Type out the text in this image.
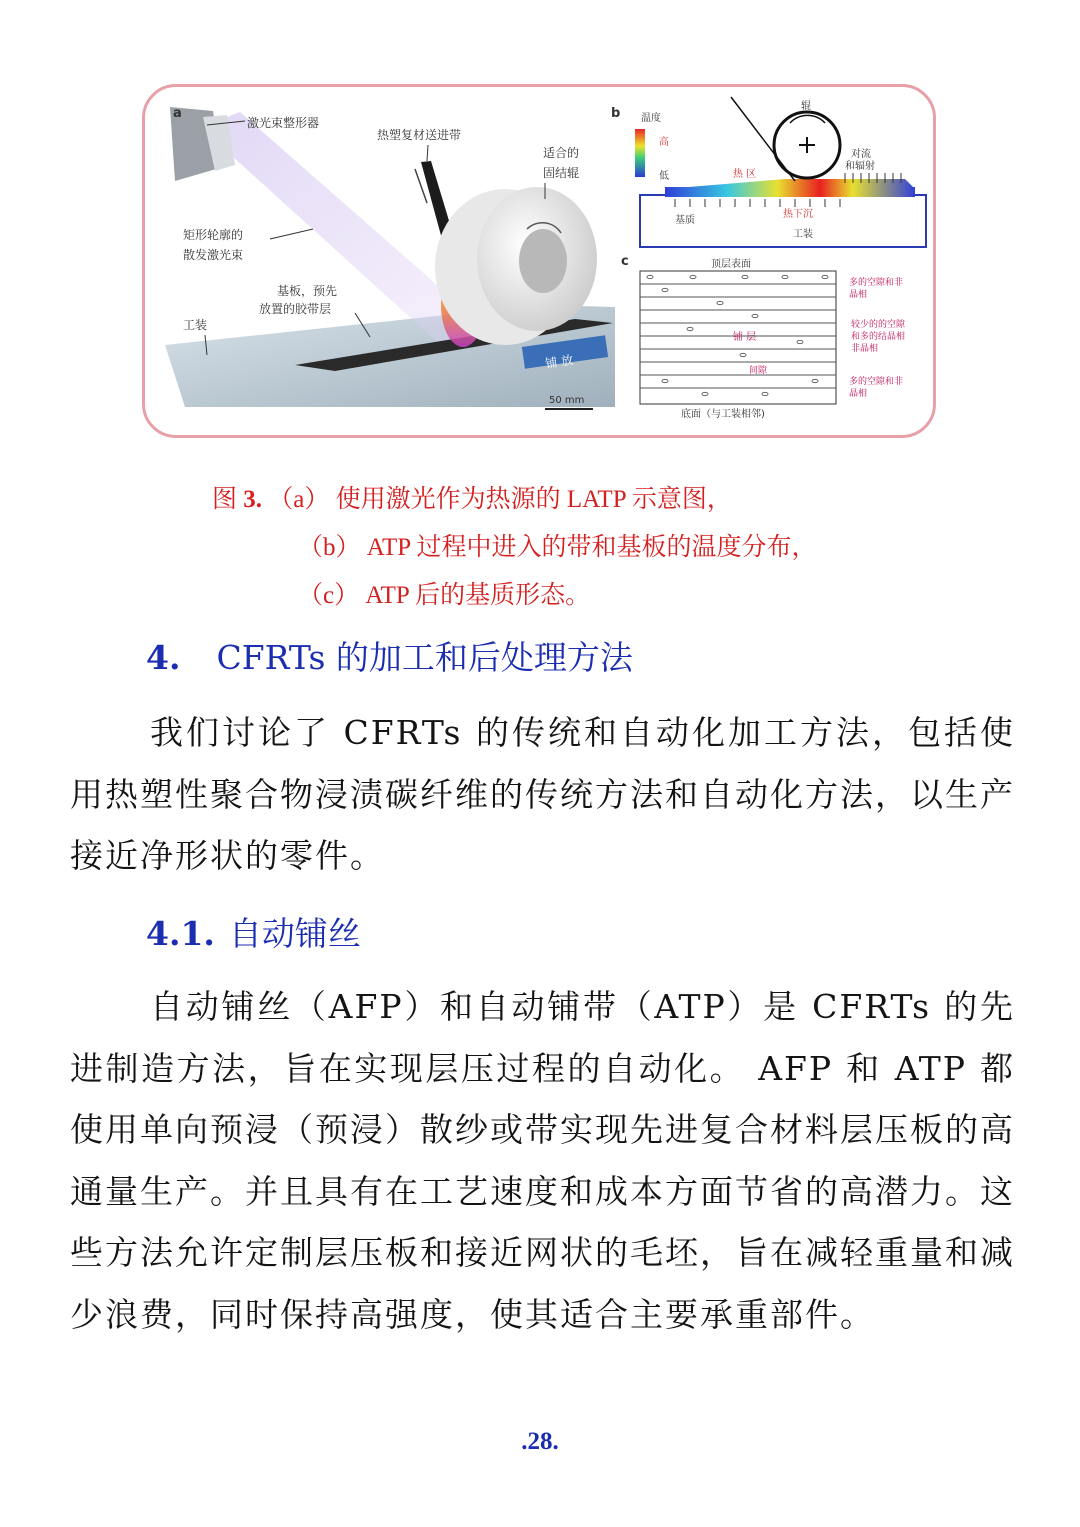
a
激光束整形器
热塑复材送进带
适合的
固结辊
矩形轮廓的
散发激光束
基板，预先
放置的胶带层
工装
铺 放
50 mm
b 温度
高
低
辊
对流
和辐射
热 区
基质
热下沉
工装
c	顶层表面
底面（与工装相邻)
多的空隙和非
晶相
较少的的空隙
和多的结晶相
非晶相
多的空隙和非
晶相
铺 层
间隙
图 3. （a） 使用激光作为热源的 LATP 示意图，
（b） ATP 过程中进入的带和基板的温度分布，
（c） ATP 后的基质形态。
4. CFRTs 的加工和后处理方法
我们讨论了 CFRTs 的传统和自动化加工方法，包括使用热塑性聚合物浸渍碳纤维的传统方法和自动化方法，以生产接近净形状的零件。
4.1. 自动铺丝
自动铺丝（AFP）和自动铺带（ATP）是 CFRTs 的先进制造方法，旨在实现层压过程的自动化。 AFP 和 ATP 都使用单向预浸（预浸）散纱或带实现先进复合材料层压板的高通量生产。并且具有在工艺速度和成本方面节省的高潜力。这些方法允许定制层压板和接近网状的毛坯，旨在减轻重量和减少浪费，同时保持高强度，使其适合主要承重部件。
.28.
